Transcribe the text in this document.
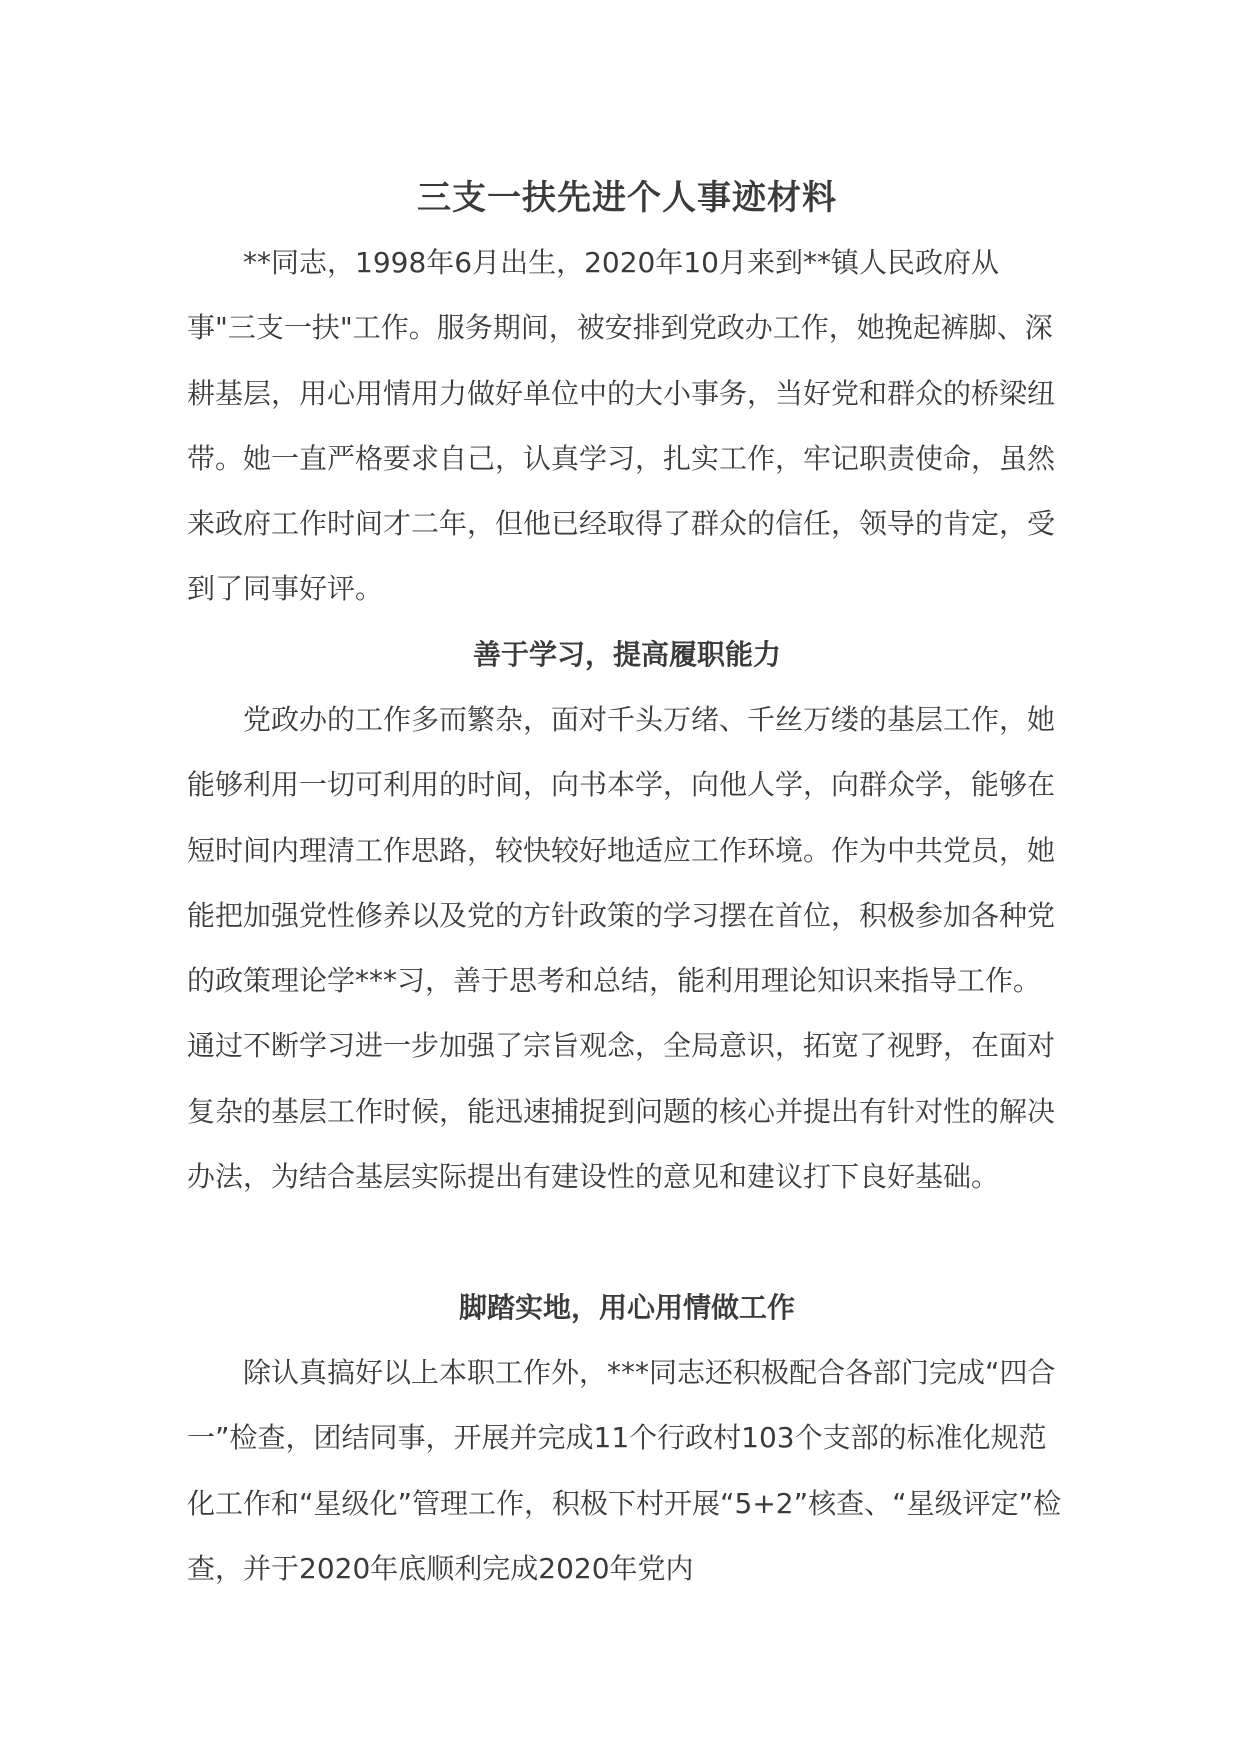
三支一扶先进个人事迹材料

**同志，1998年6月出生，2020年10月来到**镇人民政府从事"三支一扶"工作。服务期间，被安排到党政办工作，她挽起裤脚、深耕基层，用心用情用力做好单位中的大小事务，当好党和群众的桥梁纽带。她一直严格要求自己，认真学习，扎实工作，牢记职责使命，虽然来政府工作时间才二年，但他已经取得了群众的信任，领导的肯定，受到了同事好评。

善于学习，提高履职能力

党政办的工作多而繁杂，面对千头万绪、千丝万缕的基层工作，她能够利用一切可利用的时间，向书本学，向他人学，向群众学，能够在短时间内理清工作思路，较快较好地适应工作环境。作为中共党员，她能把加强党性修养以及党的方针政策的学习摆在首位，积极参加各种党的政策理论学***习，善于思考和总结，能利用理论知识来指导工作。通过不断学习进一步加强了宗旨观念，全局意识，拓宽了视野，在面对复杂的基层工作时候，能迅速捕捉到问题的核心并提出有针对性的解决办法，为结合基层实际提出有建设性的意见和建议打下良好基础。

脚踏实地，用心用情做工作

除认真搞好以上本职工作外，***同志还积极配合各部门完成“四合一”检查，团结同事，开展并完成11个行政村103个支部的标准化规范化工作和“星级化”管理工作，积极下村开展“5+2”核查、“星级评定”检查，并于2020年底顺利完成2020年党内
